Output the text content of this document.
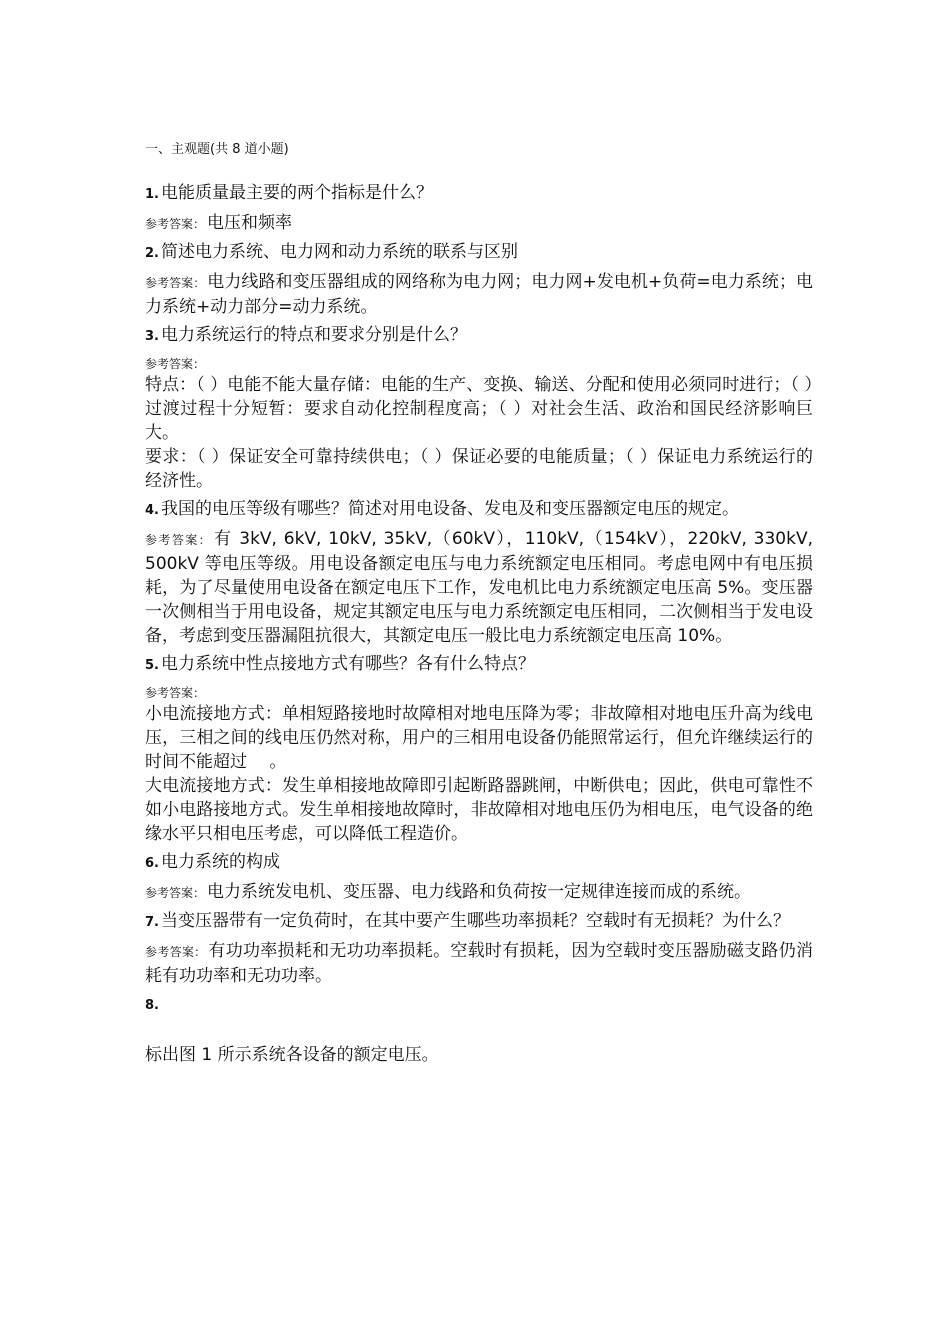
一、主观题(共 8 道小题)
1. 电能质量最主要的两个指标是什么？
参考答案： 电压和频率
2. 简述电力系统、电力网和动力系统的联系与区别
参考答案： 电力线路和变压器组成的网络称为电力网；电力网+发电机+负荷=电力系统；电力系统+动力部分=动力系统。
3. 电力系统运行的特点和要求分别是什么？
参考答案：
特点：（ ）电能不能大量存储：电能的生产、变换、输送、分配和使用必须同时进行；（ ）过渡过程十分短暂：要求自动化控制程度高；（ ）对社会生活、政治和国民经济影响巨大。
要求：（ ）保证安全可靠持续供电；（ ）保证必要的电能质量；（ ）保证电力系统运行的经济性。
4. 我国的电压等级有哪些？简述对用电设备、发电及和变压器额定电压的规定。
参考答案： 有 3kV, 6kV, 10kV, 35kV,（60kV），110kV,（154kV），220kV, 330kV, 500kV 等电压等级。用电设备额定电压与电力系统额定电压相同。考虑电网中有电压损耗，为了尽量使用电设备在额定电压下工作，发电机比电力系统额定电压高 5%。变压器一次侧相当于用电设备，规定其额定电压与电力系统额定电压相同，二次侧相当于发电设备，考虑到变压器漏阻抗很大，其额定电压一般比电力系统额定电压高 10%。
5. 电力系统中性点接地方式有哪些？各有什么特点？
参考答案：
小电流接地方式：单相短路接地时故障相对地电压降为零；非故障相对地电压升高为线电压，三相之间的线电压仍然对称，用户的三相用电设备仍能照常运行，但允许继续运行的时间不能超过　 。
大电流接地方式：发生单相接地故障即引起断路器跳闸，中断供电；因此，供电可靠性不如小电路接地方式。发生单相接地故障时，非故障相对地电压仍为相电压，电气设备的绝缘水平只相电压考虑，可以降低工程造价。
6. 电力系统的构成
参考答案： 电力系统发电机、变压器、电力线路和负荷按一定规律连接而成的系统。
7. 当变压器带有一定负荷时，在其中要产生哪些功率损耗？空载时有无损耗？为什么？
参考答案： 有功功率损耗和无功功率损耗。空载时有损耗，因为空载时变压器励磁支路仍消耗有功功率和无功功率。
8.
标出图 1 所示系统各设备的额定电压。
